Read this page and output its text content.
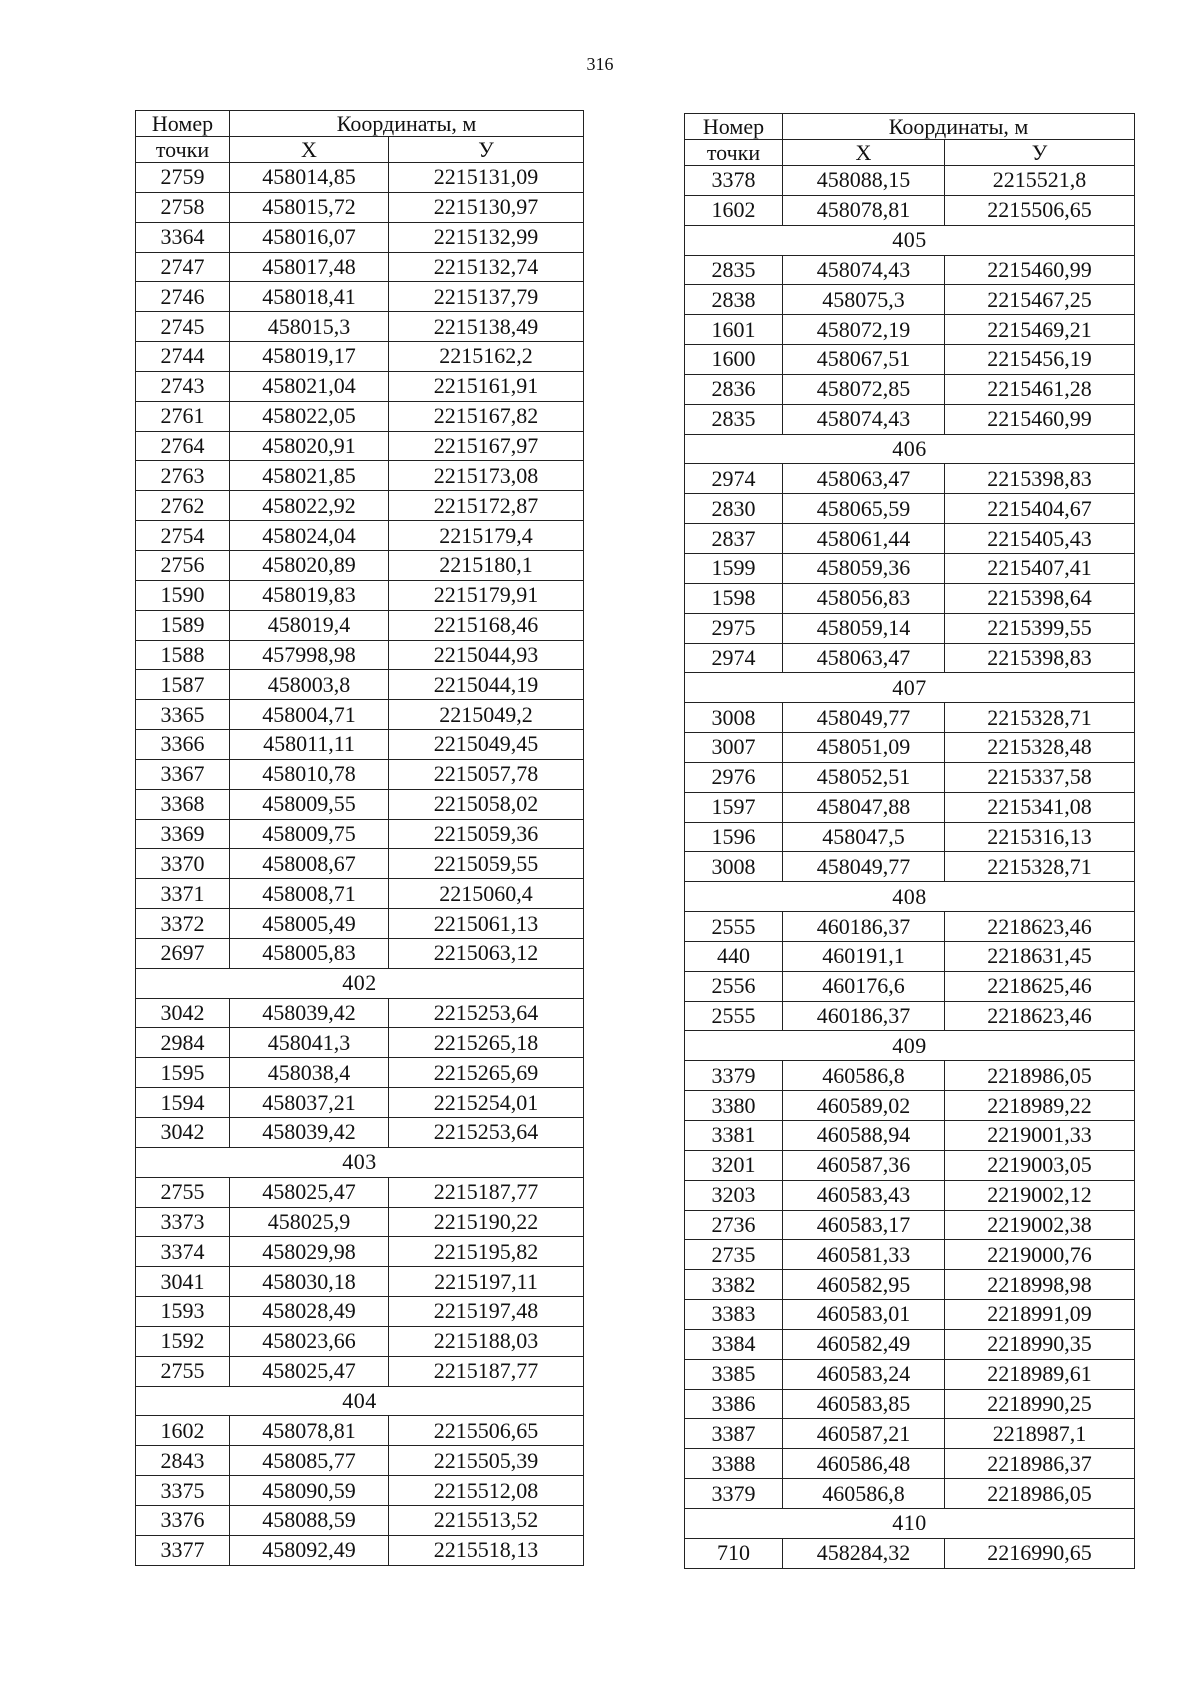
316
Номер	Координаты, м	
точки	X	У
2759	458014,85	2215131,09
2758	458015,72	2215130,97
3364	458016,07	2215132,99
2747	458017,48	2215132,74
2746	458018,41	2215137,79
2745	458015,3	2215138,49
2744	458019,17	2215162,2
2743	458021,04	2215161,91
2761	458022,05	2215167,82
2764	458020,91	2215167,97
2763	458021,85	2215173,08
2762	458022,92	2215172,87
2754	458024,04	2215179,4
2756	458020,89	2215180,1
1590	458019,83	2215179,91
1589	458019,4	2215168,46
1588	457998,98	2215044,93
1587	458003,8	2215044,19
3365	458004,71	2215049,2
3366	458011,11	2215049,45
3367	458010,78	2215057,78
3368	458009,55	2215058,02
3369	458009,75	2215059,36
3370	458008,67	2215059,55
3371	458008,71	2215060,4
3372	458005,49	2215061,13
2697	458005,83	2215063,12
402		
3042	458039,42	2215253,64
2984	458041,3	2215265,18
1595	458038,4	2215265,69
1594	458037,21	2215254,01
3042	458039,42	2215253,64
403		
2755	458025,47	2215187,77
3373	458025,9	2215190,22
3374	458029,98	2215195,82
3041	458030,18	2215197,11
1593	458028,49	2215197,48
1592	458023,66	2215188,03
2755	458025,47	2215187,77
404		
1602	458078,81	2215506,65
2843	458085,77	2215505,39
3375	458090,59	2215512,08
3376	458088,59	2215513,52
3377	458092,49	2215518,13
Номер	Координаты, м	
точки	X	У
3378	458088,15	2215521,8
1602	458078,81	2215506,65
405		
2835	458074,43	2215460,99
2838	458075,3	2215467,25
1601	458072,19	2215469,21
1600	458067,51	2215456,19
2836	458072,85	2215461,28
2835	458074,43	2215460,99
406		
2974	458063,47	2215398,83
2830	458065,59	2215404,67
2837	458061,44	2215405,43
1599	458059,36	2215407,41
1598	458056,83	2215398,64
2975	458059,14	2215399,55
2974	458063,47	2215398,83
407		
3008	458049,77	2215328,71
3007	458051,09	2215328,48
2976	458052,51	2215337,58
1597	458047,88	2215341,08
1596	458047,5	2215316,13
3008	458049,77	2215328,71
408		
2555	460186,37	2218623,46
440	460191,1	2218631,45
2556	460176,6	2218625,46
2555	460186,37	2218623,46
409		
3379	460586,8	2218986,05
3380	460589,02	2218989,22
3381	460588,94	2219001,33
3201	460587,36	2219003,05
3203	460583,43	2219002,12
2736	460583,17	2219002,38
2735	460581,33	2219000,76
3382	460582,95	2218998,98
3383	460583,01	2218991,09
3384	460582,49	2218990,35
3385	460583,24	2218989,61
3386	460583,85	2218990,25
3387	460587,21	2218987,1
3388	460586,48	2218986,37
3379	460586,8	2218986,05
410		
710	458284,32	2216990,65
